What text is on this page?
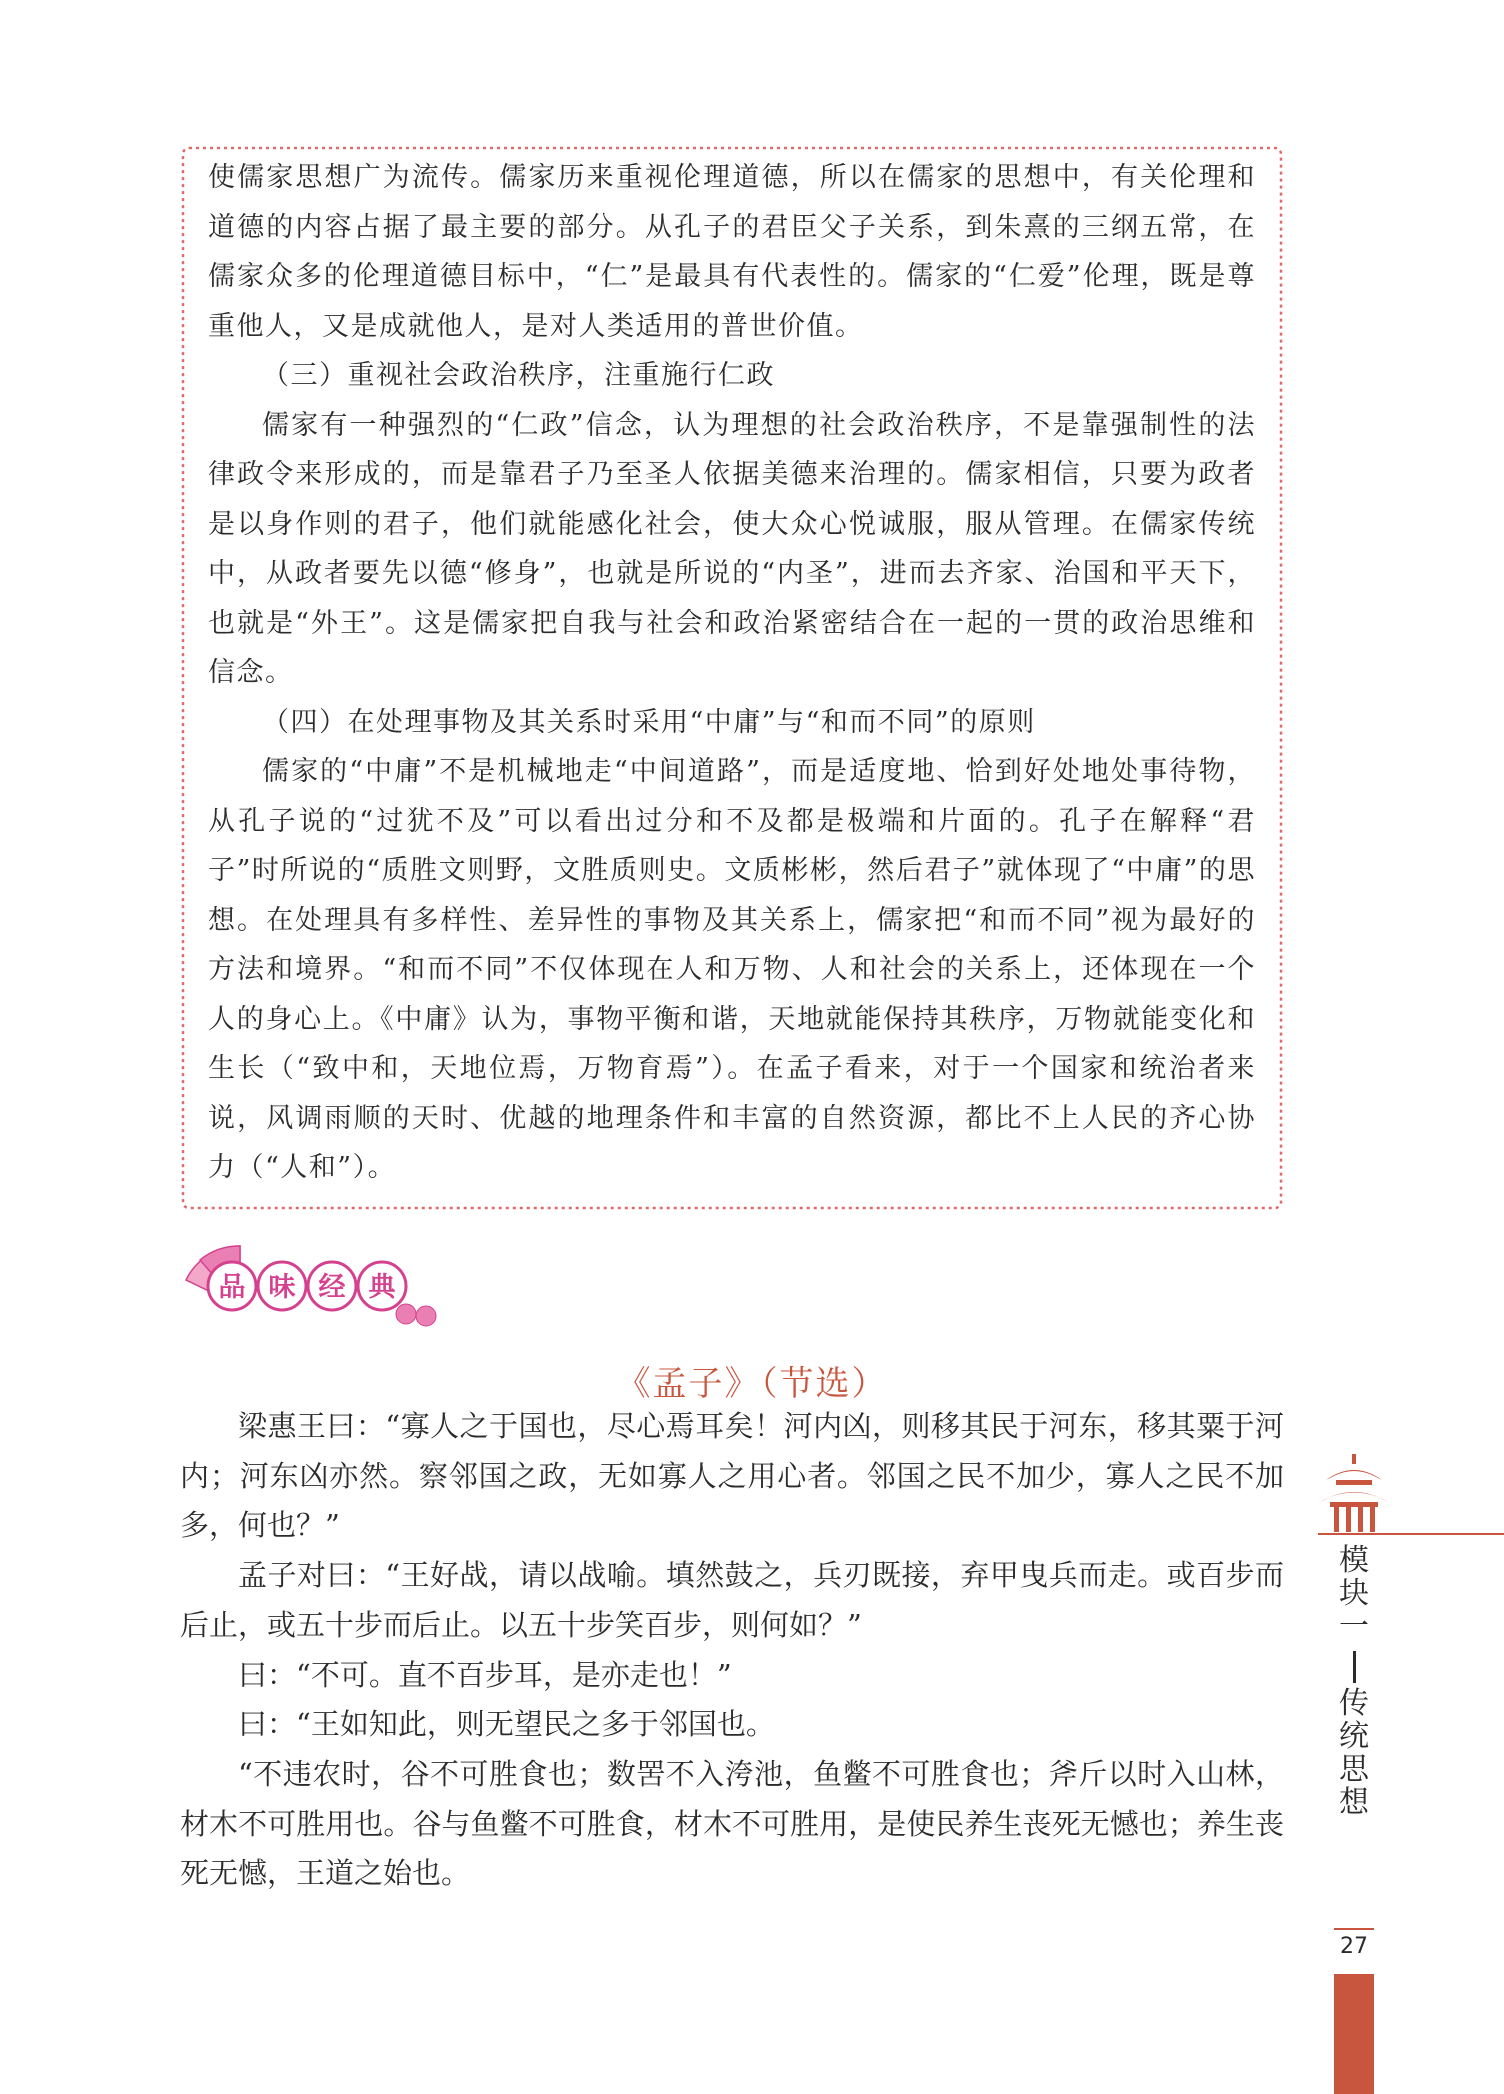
使儒家思想广为流传。儒家历来重视伦理道德，所以在儒家的思想中，有关伦理和道德的内容占据了最主要的部分。从孔子的君臣父子关系，到朱熹的三纲五常，在儒家众多的伦理道德目标中，“仁”是最具有代表性的。儒家的“仁爱”伦理，既是尊重他人，又是成就他人，是对人类适用的普世价值。

（三）重视社会政治秩序，注重施行仁政

儒家有一种强烈的“仁政”信念，认为理想的社会政治秩序，不是靠强制性的法律政令来形成的，而是靠君子乃至圣人依据美德来治理的。儒家相信，只要为政者是以身作则的君子，他们就能感化社会，使大众心悦诚服，服从管理。在儒家传统中，从政者要先以德“修身”，也就是所说的“内圣”，进而去齐家、治国和平天下，也就是“外王”。这是儒家把自我与社会和政治紧密结合在一起的一贯的政治思维和信念。

（四）在处理事物及其关系时采用“中庸”与“和而不同”的原则

儒家的“中庸”不是机械地走“中间道路”，而是适度地、恰到好处地处事待物，从孔子说的“过犹不及”可以看出过分和不及都是极端和片面的。孔子在解释“君子”时所说的“质胜文则野，文胜质则史。文质彬彬，然后君子”就体现了“中庸”的思想。在处理具有多样性、差异性的事物及其关系上，儒家把“和而不同”视为最好的方法和境界。“和而不同”不仅体现在人和万物、人和社会的关系上，还体现在一个人的身心上。《中庸》认为，事物平衡和谐，天地就能保持其秩序，万物就能变化和生长（“致中和，天地位焉，万物育焉”）。在孟子看来，对于一个国家和统治者来说，风调雨顺的天时、优越的地理条件和丰富的自然资源，都比不上人民的齐心协力（“人和”）。

品 味 经 典
《孟子》（节选）

梁惠王曰：“寡人之于国也，尽心焉耳矣！河内凶，则移其民于河东，移其粟于河内；河东凶亦然。察邻国之政，无如寡人之用心者。邻国之民不加少，寡人之民不加多，何也？”

孟子对曰：“王好战，请以战喻。填然鼓之，兵刃既接，弃甲曳兵而走。或百步而后止，或五十步而后止。以五十步笑百步，则何如？”

曰：“不可。直不百步耳，是亦走也！”

曰：“王如知此，则无望民之多于邻国也。

“不违农时，谷不可胜食也；数罟不入洿池，鱼鳖不可胜食也；斧斤以时入山林，材木不可胜用也。谷与鱼鳖不可胜食，材木不可胜用，是使民养生丧死无憾也；养生丧死无憾，王道之始也。

模
块
一
传
统
思
想
27
